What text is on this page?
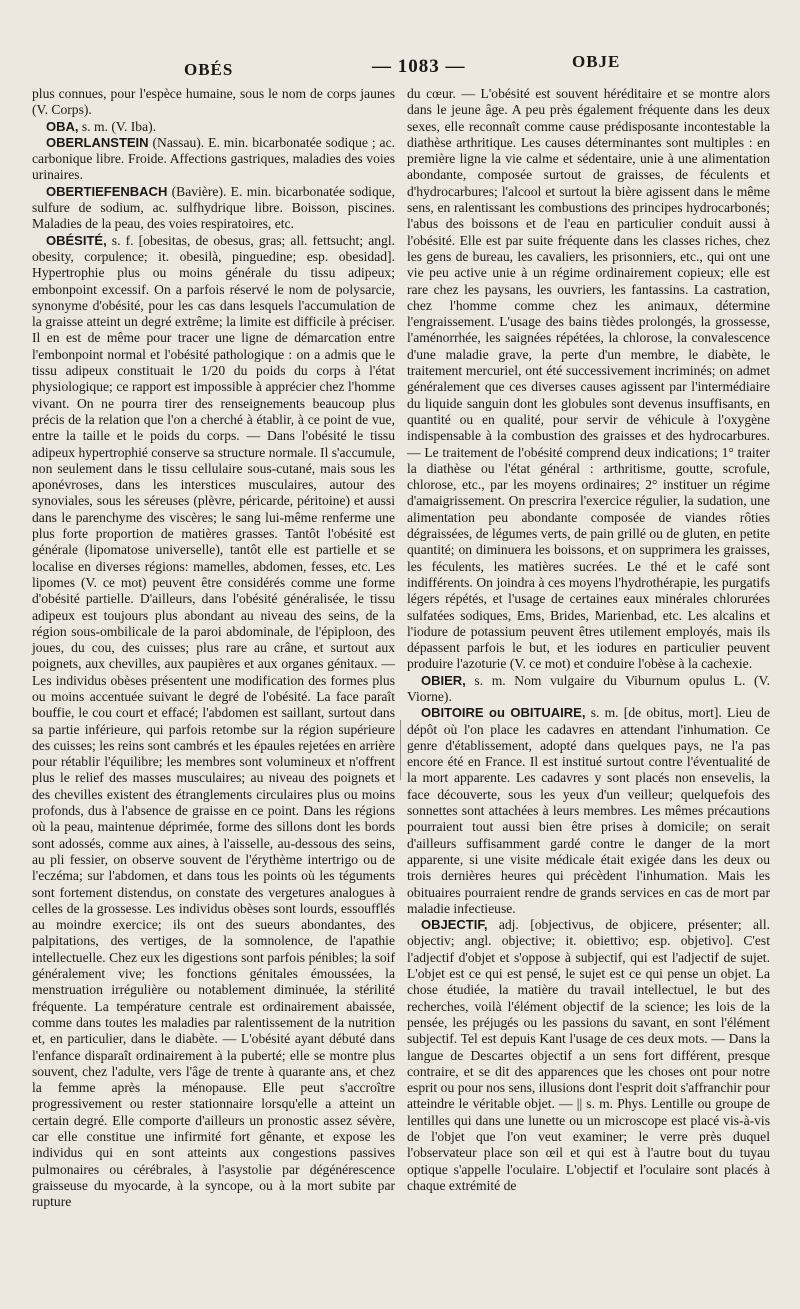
OBÉS	— 1083 —	OBJE

plus connues, pour l'espèce humaine, sous le nom de corps jaunes (V. Corps).

OBA, s. m. (V. Iba).

OBERLANSTEIN (Nassau). E. min. bicarbonatée sodique ; ac. carbonique libre. Froide. Affections gastriques, maladies des voies urinaires.

OBERTIEFENBACH (Bavière). E. min. bicarbonatée sodique, sulfure de sodium, ac. sulfhydrique libre. Boisson, piscines. Maladies de la peau, des voies respiratoires, etc.

OBÉSITÉ, s. f. [obesitas, de obesus, gras; all. fettsucht; angl. obesity, corpulence; it. obesilà, pinguedine; esp. obesidad]. Hypertrophie plus ou moins générale du tissu adipeux; embonpoint excessif. On a parfois réservé le nom de polysarcie, synonyme d'obésité, pour les cas dans lesquels l'accumulation de la graisse atteint un degré extrême; la limite est difficile à préciser. Il en est de même pour tracer une ligne de démarcation entre l'embonpoint normal et l'obésité pathologique : on a admis que le tissu adipeux constituait le 1/20 du poids du corps à l'état physiologique; ce rapport est impossible à apprécier chez l'homme vivant. On ne pourra tirer des renseignements beaucoup plus précis de la relation que l'on a cherché à établir, à ce point de vue, entre la taille et le poids du corps. — Dans l'obésité le tissu adipeux hypertrophié conserve sa structure normale. Il s'accumule, non seulement dans le tissu cellulaire sous-cutané, mais sous les aponévroses, dans les interstices musculaires, autour des synoviales, sous les séreuses (plèvre, péricarde, péritoine) et aussi dans le parenchyme des viscères; le sang lui-même renferme une plus forte proportion de matières grasses. Tantôt l'obésité est générale (lipomatose universelle), tantôt elle est partielle et se localise en diverses régions: mamelles, abdomen, fesses, etc. Les lipomes (V. ce mot) peuvent être considérés comme une forme d'obésité partielle. D'ailleurs, dans l'obésité généralisée, le tissu adipeux est toujours plus abondant au niveau des seins, de la région sous-ombilicale de la paroi abdominale, de l'épiploon, des joues, du cou, des cuisses; plus rare au crâne, et surtout aux poignets, aux chevilles, aux paupières et aux organes génitaux. — Les individus obèses présentent une modification des formes plus ou moins accentuée suivant le degré de l'obésité. La face paraît bouffie, le cou court et effacé; l'abdomen est saillant, surtout dans sa partie inférieure, qui parfois retombe sur la région supérieure des cuisses; les reins sont cambrés et les épaules rejetées en arrière pour rétablir l'équilibre; les membres sont volumineux et n'offrent plus le relief des masses musculaires; au niveau des poignets et des chevilles existent des étranglements circulaires plus ou moins profonds, dus à l'absence de graisse en ce point. Dans les régions où la peau, maintenue déprimée, forme des sillons dont les bords sont adossés, comme aux aines, à l'aisselle, au-dessous des seins, au pli fessier, on observe souvent de l'érythème intertrigo ou de l'eczéma; sur l'abdomen, et dans tous les points où les téguments sont fortement distendus, on constate des vergetures analogues à celles de la grossesse. Les individus obèses sont lourds, essoufflés au moindre exercice; ils ont des sueurs abondantes, des palpitations, des vertiges, de la somnolence, de l'apathie intellectuelle. Chez eux les digestions sont parfois pénibles; la soif généralement vive; les fonctions génitales émoussées, la menstruation irrégulière ou notablement diminuée, la stérilité fréquente. La température centrale est ordinairement abaissée, comme dans toutes les maladies par ralentissement de la nutrition et, en particulier, dans le diabète. — L'obésité ayant débuté dans l'enfance disparaît ordinairement à la puberté; elle se montre plus souvent, chez l'adulte, vers l'âge de trente à quarante ans, et chez la femme après la ménopause. Elle peut s'accroître progressivement ou rester stationnaire lorsqu'elle a atteint un certain degré. Elle comporte d'ailleurs un pronostic assez sévère, car elle constitue une infirmité fort gênante, et expose les individus qui en sont atteints aux congestions passives pulmonaires ou cérébrales, à l'asystolie par dégénérescence graisseuse du myocarde, à la syncope, ou à la mort subite par rupture

du cœur. — L'obésité est souvent héréditaire et se montre alors dans le jeune âge. A peu près également fréquente dans les deux sexes, elle reconnaît comme cause prédisposante incontestable la diathèse arthritique. Les causes déterminantes sont multiples : en première ligne la vie calme et sédentaire, unie à une alimentation abondante, composée surtout de graisses, de féculents et d'hydrocarbures; l'alcool et surtout la bière agissent dans le même sens, en ralentissant les combustions des principes hydrocarbonés; l'abus des boissons et de l'eau en particulier conduit aussi à l'obésité. Elle est par suite fréquente dans les classes riches, chez les gens de bureau, les cavaliers, les prisonniers, etc., qui ont une vie peu active unie à un régime ordinairement copieux; elle est rare chez les paysans, les ouvriers, les fantassins. La castration, chez l'homme comme chez les animaux, détermine l'engraissement. L'usage des bains tièdes prolongés, la grossesse, l'aménorrhée, les saignées répétées, la chlorose, la convalescence d'une maladie grave, la perte d'un membre, le diabète, le traitement mercuriel, ont été successivement incriminés; on admet généralement que ces diverses causes agissent par l'intermédiaire du liquide sanguin dont les globules sont devenus insuffisants, en quantité ou en qualité, pour servir de véhicule à l'oxygène indispensable à la combustion des graisses et des hydrocarbures. — Le traitement de l'obésité comprend deux indications; 1° traiter la diathèse ou l'état général : arthritisme, goutte, scrofule, chlorose, etc., par les moyens ordinaires; 2° instituer un régime d'amaigrissement. On prescrira l'exercice régulier, la sudation, une alimentation peu abondante composée de viandes rôties dégraissées, de légumes verts, de pain grillé ou de gluten, en petite quantité; on diminuera les boissons, et on supprimera les graisses, les féculents, les matières sucrées. Le thé et le café sont indifférents. On joindra à ces moyens l'hydrothérapie, les purgatifs légers répétés, et l'usage de certaines eaux minérales chlorurées sulfatées sodiques, Ems, Brides, Marienbad, etc. Les alcalins et l'iodure de potassium peuvent êtres utilement employés, mais ils dépassent parfois le but, et les iodures en particulier peuvent produire l'azoturie (V. ce mot) et conduire l'obèse à la cachexie.

OBIER, s. m. Nom vulgaire du Viburnum opulus L. (V. Viorne).

OBITOIRE ou OBITUAIRE, s. m. [de obitus, mort]. Lieu de dépôt où l'on place les cadavres en attendant l'inhumation. Ce genre d'établissement, adopté dans quelques pays, ne l'a pas encore été en France. Il est institué surtout contre l'éventualité de la mort apparente. Les cadavres y sont placés non ensevelis, la face découverte, sous les yeux d'un veilleur; quelquefois des sonnettes sont attachées à leurs membres. Les mêmes précautions pourraient tout aussi bien être prises à domicile; on serait d'ailleurs suffisamment gardé contre le danger de la mort apparente, si une visite médicale était exigée dans les deux ou trois dernières heures qui précèdent l'inhumation. Mais les obituaires pourraient rendre de grands services en cas de mort par maladie infectieuse.

OBJECTIF, adj. [objectivus, de objicere, présenter; all. objectiv; angl. objective; it. obiettivo; esp. objetivo]. C'est l'adjectif d'objet et s'oppose à subjectif, qui est l'adjectif de sujet. L'objet est ce qui est pensé, le sujet est ce qui pense un objet. La chose étudiée, la matière du travail intellectuel, le but des recherches, voilà l'élément objectif de la science; les lois de la pensée, les préjugés ou les passions du savant, en sont l'élément subjectif. Tel est depuis Kant l'usage de ces deux mots. — Dans la langue de Descartes objectif a un sens fort différent, presque contraire, et se dit des apparences que les choses ont pour notre esprit ou pour nos sens, illusions dont l'esprit doit s'affranchir pour atteindre le véritable objet. — || s. m. Phys. Lentille ou groupe de lentilles qui dans une lunette ou un microscope est placé vis-à-vis de l'objet que l'on veut examiner; le verre près duquel l'observateur place son œil et qui est à l'autre bout du tuyau optique s'appelle l'oculaire. L'objectif et l'oculaire sont placés à chaque extrémité de
